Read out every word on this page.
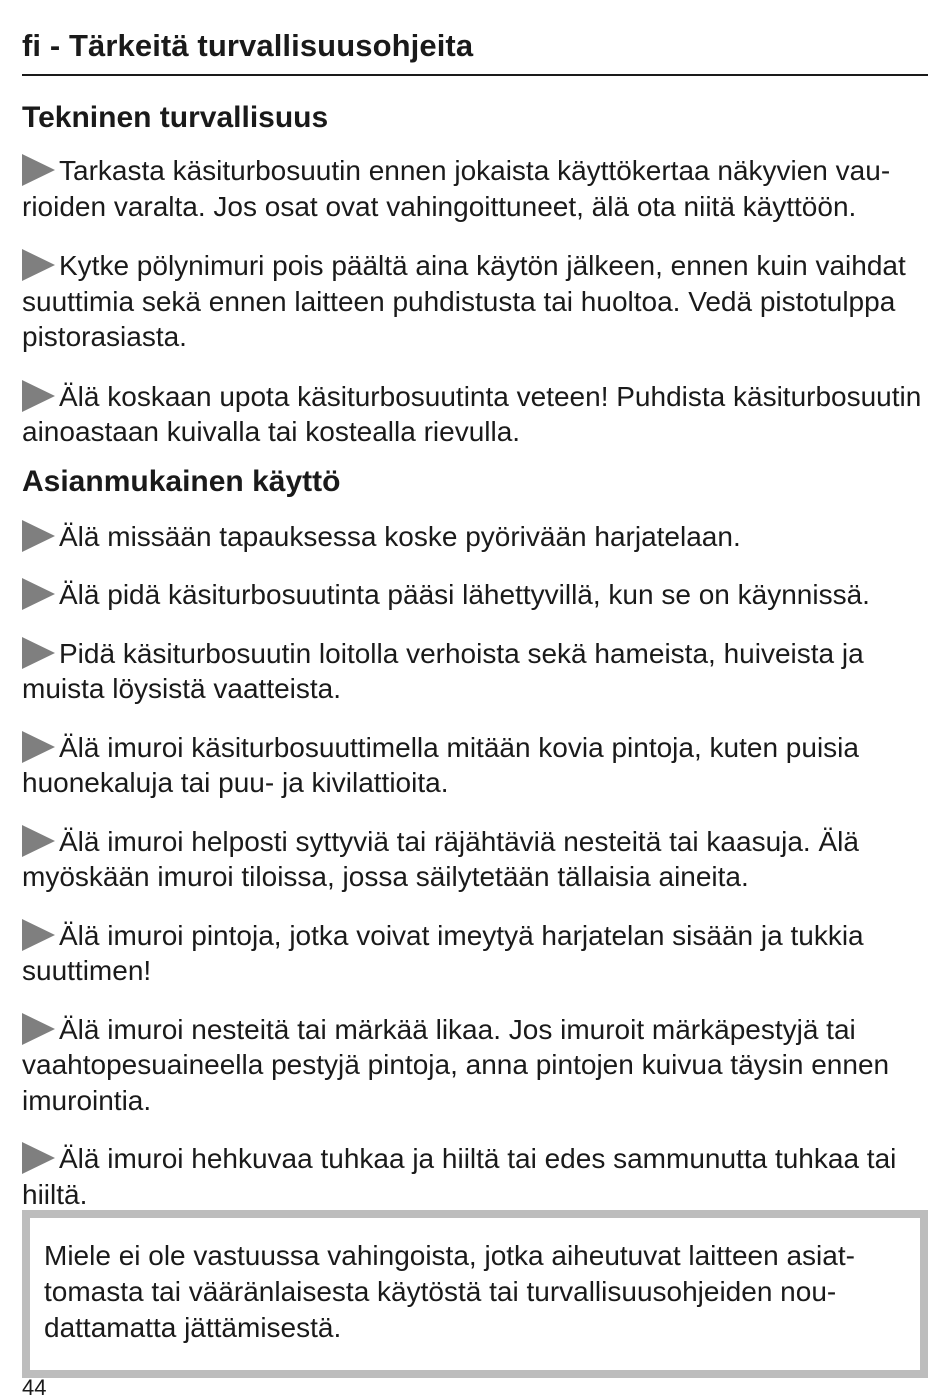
fi - Tärkeitä turvallisuusohjeita
Tekninen turvallisuus

Tarkasta käsiturbosuutin ennen jokaista käyttökertaa näkyvien vaurioiden varalta. Jos osat ovat vahingoittuneet, älä ota niitä käyttöön.

Kytke pölynimuri pois päältä aina käytön jälkeen, ennen kuin vaihdat suuttimia sekä ennen laitteen puhdistusta tai huoltoa. Vedä pistotulppa pistorasiasta.

Älä koskaan upota käsiturbosuutinta veteen! Puhdista käsiturbosuutin ainoastaan kuivalla tai kostealla rievulla.

Asianmukainen käyttö

Älä missään tapauksessa koske pyörivään harjatelaan.

Älä pidä käsiturbosuutinta pääsi lähettyvillä, kun se on käynnissä.

Pidä käsiturbosuutin loitolla verhoista sekä hameista, huiveista ja muista löysistä vaatteista.

Älä imuroi käsiturbosuuttimella mitään kovia pintoja, kuten puisia huonekaluja tai puu- ja kivilattioita.

Älä imuroi helposti syttyviä tai räjähtäviä nesteitä tai kaasuja. Älä myöskään imuroi tiloissa, jossa säilytetään tällaisia aineita.

Älä imuroi pintoja, jotka voivat imeytyä harjatelan sisään ja tukkia suuttimen!

Älä imuroi nesteitä tai märkää likaa. Jos imuroit märkäpestyjä tai vaahtopesuaineella pestyjä pintoja, anna pintojen kuivua täysin ennen imurointia.

Älä imuroi hehkuvaa tuhkaa ja hiiltä tai edes sammunutta tuhkaa tai hiiltä.

Miele ei ole vastuussa vahingoista, jotka aiheutuvat laitteen asiattomasta tai vääränlaisesta käytöstä tai turvallisuusohjeiden noudattamatta jättämisestä.

44
